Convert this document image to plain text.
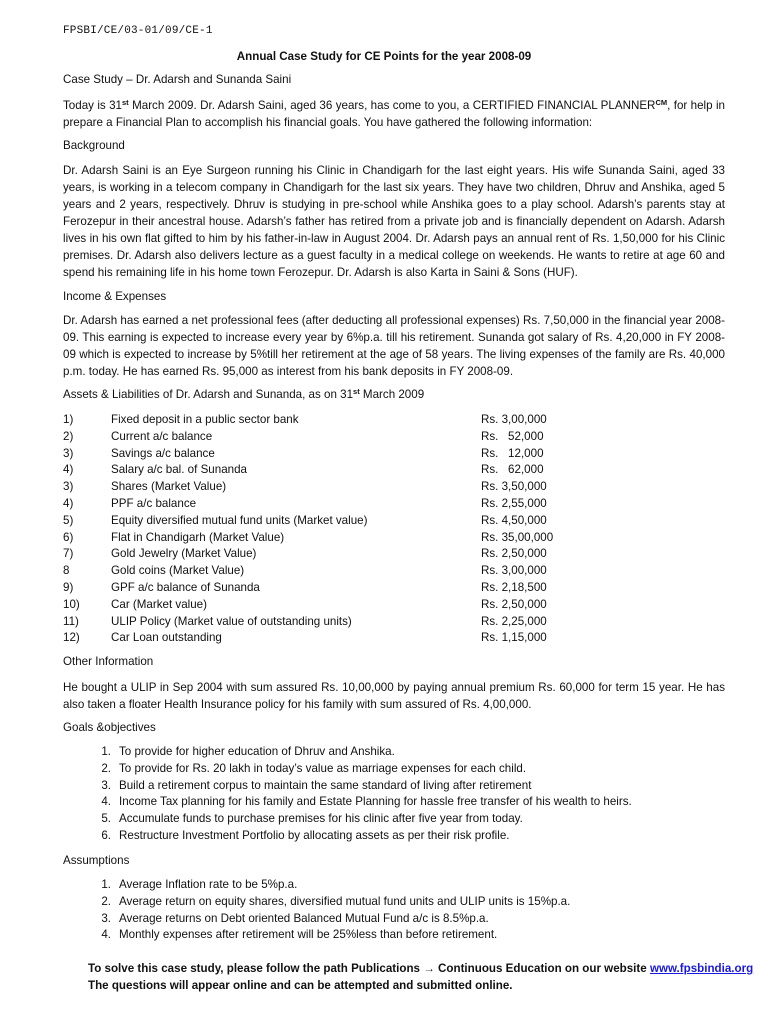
FPSBI/CE/03-01/09/CE-1
Annual Case Study for CE Points for the year 2008-09
Case Study – Dr. Adarsh and Sunanda Saini
Today is 31st March 2009. Dr. Adarsh Saini, aged 36 years, has come to you, a CERTIFIED FINANCIAL $PLANNER^{CM}$, for help in prepare a Financial Plan to accomplish his financial goals. You have gathered the following information:
Background
Dr. Adarsh Saini is an Eye Surgeon running his Clinic in Chandigarh for the last eight years. His wife Sunanda Saini, aged 33 years, is working in a telecom company in Chandigarh for the last six years. They have two children, Dhruv and Anshika, aged 5 years and 2 years, respectively. Dhruv is studying in pre-school while Anshika goes to a play school. Adarsh’s parents stay at Ferozepur in their ancestral house. Adarsh’s father has retired from a private job and is financially dependent on Adarsh. Adarsh lives in his own flat gifted to him by his father-in-law in August 2004. Dr. Adarsh pays an annual rent of Rs. 1,50,000 for his Clinic premises. Dr. Adarsh also delivers lecture as a guest faculty in a medical college on weekends. He wants to retire at age 60 and spend his remaining life in his home town Ferozepur. Dr. Adarsh is also Karta in Saini & Sons (HUF).
Income & Expenses
Dr. Adarsh has earned a net professional fees (after deducting all professional expenses) Rs. 7,50,000 in the financial year 2008-09. This earning is expected to increase every year by 6%p.a. till his retirement. Sunanda got salary of Rs. 4,20,000 in FY 2008-09 which is expected to increase by 5%till her retirement at the age of 58 years. The living expenses of the family are Rs. 40,000 p.m. today. He has earned Rs. 95,000 as interest from his bank deposits in FY 2008-09.
Assets & Liabilities of Dr. Adarsh and Sunanda, as on 31st March 2009
1)	Fixed deposit in a public sector bank	Rs. 3,00,000
2)	Current a/c balance	Rs.   52,000
3)	Savings a/c balance	Rs.   12,000
4)	Salary a/c bal. of Sunanda	Rs.   62,000
3)	Shares (Market Value)	Rs. 3,50,000
4)	PPF a/c balance	Rs. 2,55,000
5)	Equity diversified mutual fund units (Market value)	Rs. 4,50,000
6)	Flat in Chandigarh (Market Value)	Rs. 35,00,000
7)	Gold Jewelry (Market Value)	Rs. 2,50,000
8	Gold coins (Market Value)	Rs. 3,00,000
9)	GPF a/c balance of Sunanda	Rs. 2,18,500
10)	Car (Market value)	Rs. 2,50,000
11)	ULIP Policy (Market value of outstanding units)	Rs. 2,25,000
12)	Car Loan outstanding	Rs. 1,15,000
Other Information
He bought a ULIP in Sep 2004 with sum assured Rs. 10,00,000 by paying annual premium Rs. 60,000 for term 15 year. He has also taken a floater Health Insurance policy for his family with sum assured of Rs. 4,00,000.
Goals &objectives
1. To provide for higher education of Dhruv and Anshika.
2. To provide for Rs. 20 lakh in today’s value as marriage expenses for each child.
3. Build a retirement corpus to maintain the same standard of living after retirement
4. Income Tax planning for his family and Estate Planning for hassle free transfer of his wealth to heirs.
5. Accumulate funds to purchase premises for his clinic after five year from today.
6. Restructure Investment Portfolio by allocating assets as per their risk profile.
Assumptions
1. Average Inflation rate to be 5%p.a.
2. Average return on equity shares, diversified mutual fund units and ULIP units is 15%p.a.
3. Average returns on Debt oriented Balanced Mutual Fund a/c is 8.5%p.a.
4. Monthly expenses after retirement will be 25%less than before retirement.
To solve this case study, please follow the path Publications → Continuous Education on our website www.fpsbindia.org
The questions will appear online and can be attempted and submitted online.
